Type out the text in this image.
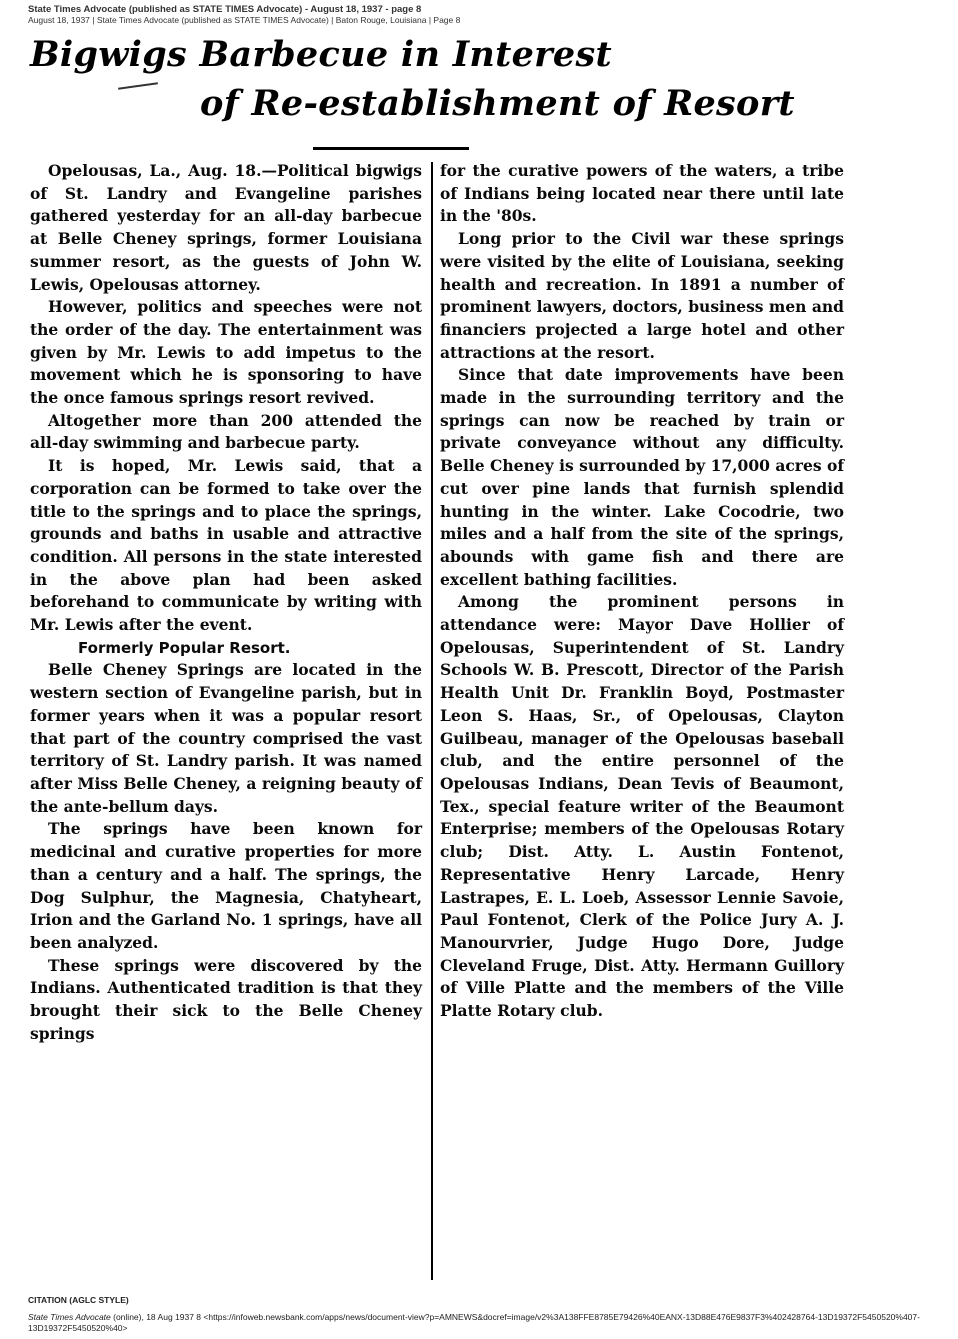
State Times Advocate (published as STATE TIMES Advocate) - August 18, 1937 - page 8
August 18, 1937 | State Times Advocate (published as STATE TIMES Advocate) | Baton Rouge, Louisiana | Page 8
Bigwigs Barbecue in Interest
of Re-establishment of Resort

Opelousas, La., Aug. 18.—Political bigwigs of St. Landry and Evangeline parishes gathered yesterday for an all-day barbecue at Belle Cheney springs, former Louisiana summer resort, as the guests of John W. Lewis, Opelousas attorney.

However, politics and speeches were not the order of the day. The entertainment was given by Mr. Lewis to add impetus to the movement which he is sponsoring to have the once famous springs resort revived.

Altogether more than 200 attended the all-day swimming and barbecue party.

It is hoped, Mr. Lewis said, that a corporation can be formed to take over the title to the springs and to place the springs, grounds and baths in usable and attractive condition. All persons in the state interested in the above plan had been asked beforehand to communicate by writing with Mr. Lewis after the event.

Formerly Popular Resort.

Belle Cheney Springs are located in the western section of Evangeline parish, but in former years when it was a popular resort that part of the country comprised the vast territory of St. Landry parish. It was named after Miss Belle Cheney, a reigning beauty of the ante-bellum days.

The springs have been known for medicinal and curative properties for more than a century and a half. The springs, the Dog Sulphur, the Magnesia, Chatyheart, Irion and the Garland No. 1 springs, have all been analyzed.

These springs were discovered by the Indians. Authenticated tradition is that they brought their sick to the Belle Cheney springs

for the curative powers of the waters, a tribe of Indians being located near there until late in the '80s.

Long prior to the Civil war these springs were visited by the elite of Louisiana, seeking health and recreation. In 1891 a number of prominent lawyers, doctors, business men and financiers projected a large hotel and other attractions at the resort.

Since that date improvements have been made in the surrounding territory and the springs can now be reached by train or private conveyance without any difficulty. Belle Cheney is surrounded by 17,000 acres of cut over pine lands that furnish splendid hunting in the winter. Lake Cocodrie, two miles and a half from the site of the springs, abounds with game fish and there are excellent bathing facilities.

Among the prominent persons in attendance were: Mayor Dave Hollier of Opelousas, Superintendent of St. Landry Schools W. B. Prescott, Director of the Parish Health Unit Dr. Franklin Boyd, Postmaster Leon S. Haas, Sr., of Opelousas, Clayton Guilbeau, manager of the Opelousas baseball club, and the entire personnel of the Opelousas Indians, Dean Tevis of Beaumont, Tex., special feature writer of the Beaumont Enterprise; members of the Opelousas Rotary club; Dist. Atty. L. Austin Fontenot, Representative Henry Larcade, Henry Lastrapes, E. L. Loeb, Assessor Lennie Savoie, Paul Fontenot, Clerk of the Police Jury A. J. Manourvrier, Judge Hugo Dore, Judge Cleveland Fruge, Dist. Atty. Hermann Guillory of Ville Platte and the members of the Ville Platte Rotary club.

CITATION (AGLC STYLE)
State Times Advocate (online), 18 Aug 1937 8 <https://infoweb.newsbank.com/apps/news/document-view?p=AMNEWS&docref=image/v2%3A138FFE8785E79426%40EANX-13D88E476E9837F3%402428764-13D19372F5450520%407-13D19372F5450520%40>
